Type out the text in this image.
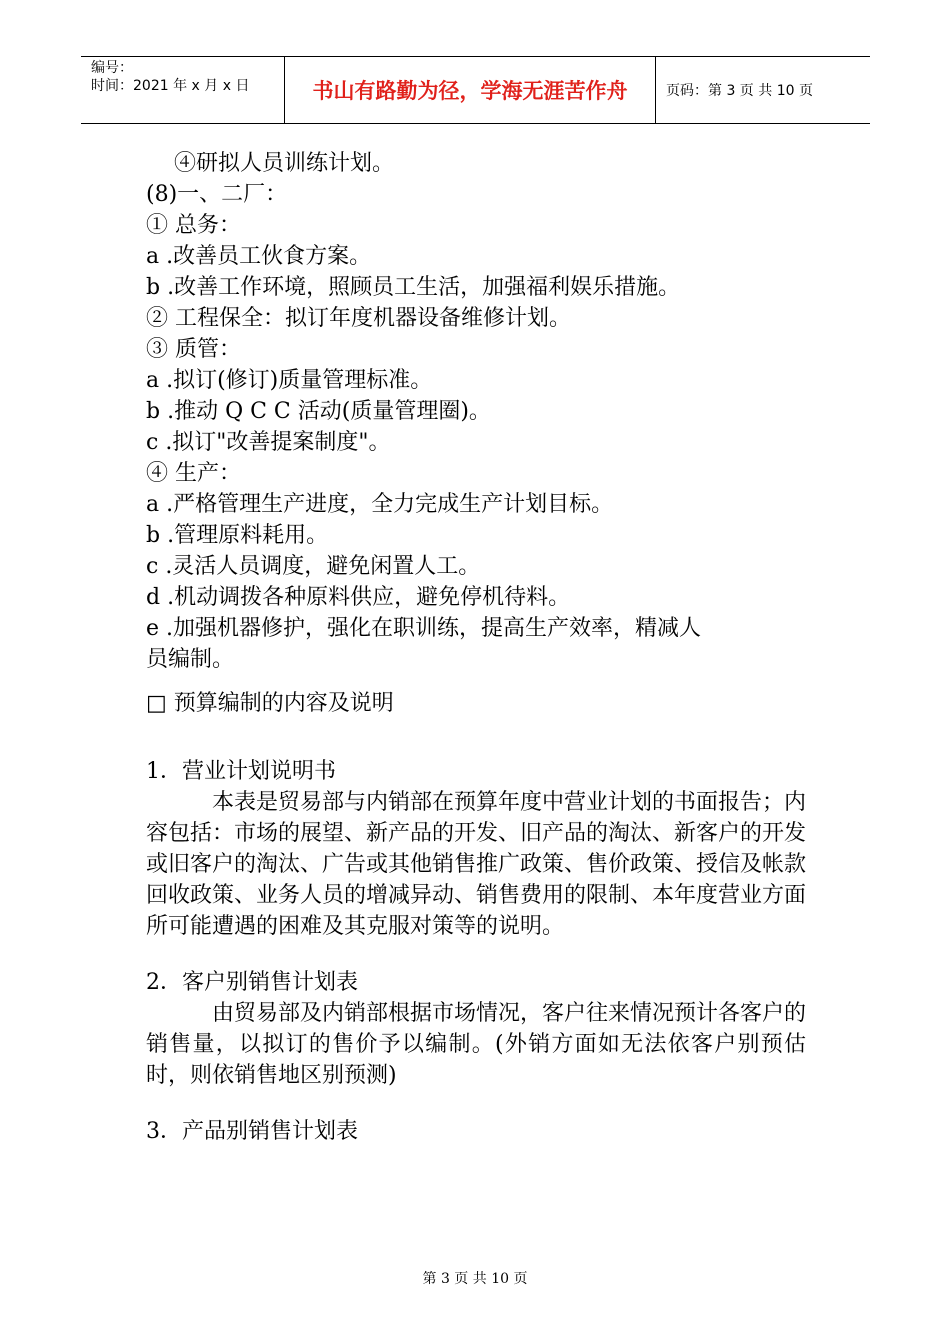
编号：
时间：2021 年 x 月 x 日	书山有路勤为径，学海无涯苦作舟	页码：第 3 页 共 10 页
④研拟人员训练计划。
(8)一、二厂：
① 总务：
a .改善员工伙食方案。
b .改善工作环境，照顾员工生活，加强福利娱乐措施。
② 工程保全：拟订年度机器设备维修计划。
③ 质管：
a .拟订(修订)质量管理标准。
b .推动 Q C C 活动(质量管理圈)。
c .拟订"改善提案制度"。
④ 生产：
a .严格管理生产进度，全力完成生产计划目标。
b .管理原料耗用。
c .灵活人员调度，避免闲置人工。
d .机动调拨各种原料供应，避免停机待料。
e .加强机器修护，强化在职训练，提高生产效率，精减人
员编制。
□ 预算编制的内容及说明
1．营业计划说明书

本表是贸易部与内销部在预算年度中营业计划的书面报告；内容包括：市场的展望、新产品的开发、旧产品的淘汰、新客户的开发或旧客户的淘汰、广告或其他销售推广政策、售价政策、授信及帐款回收政策、业务人员的增减异动、销售费用的限制、本年度营业方面所可能遭遇的困难及其克服对策等的说明。

2．客户别销售计划表

由贸易部及内销部根据市场情况，客户往来情况预计各客户的销售量，以拟订的售价予以编制。(外销方面如无法依客户别预估时，则依销售地区别预测)

3．产品别销售计划表
第 3 页 共 10 页
